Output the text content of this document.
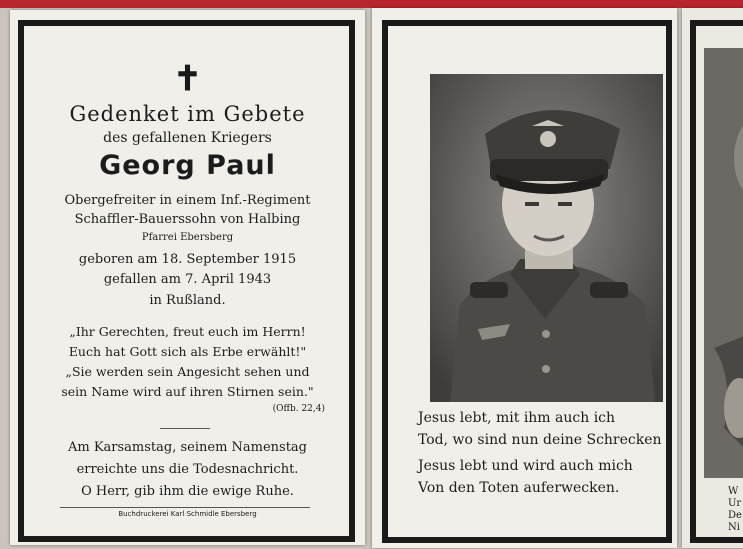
✝
Gedenket im Gebete
des gefallenen Kriegers
Georg Paul
Obergefreiter in einem Inf.-Regiment
Schaffler-Bauerssohn von Halbing
Pfarrei Ebersberg
geboren am 18. September 1915
gefallen am 7. April 1943
in Rußland.
„Ihr Gerechten, freut euch im Herrn!
Euch hat Gott sich als Erbe erwählt!"
„Sie werden sein Angesicht sehen und
sein Name wird auf ihren Stirnen sein."
(Offb. 22,4)
Am Karsamstag, seinem Namenstag
erreichte uns die Todesnachricht.
O Herr, gib ihm die ewige Ruhe.
Buchdruckerei Karl Schmidle Ebersberg
Jesus lebt, mit ihm auch ich
Tod, wo sind nun deine Schrecken
Jesus lebt und wird auch mich
Von den Toten auferwecken.	W
Ur
De
Ni
